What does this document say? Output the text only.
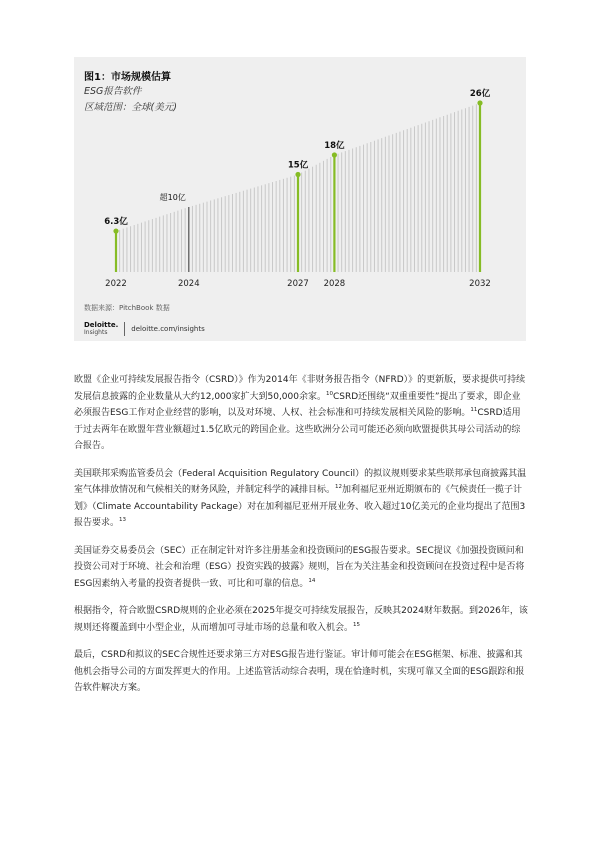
图1：市场规模估算
ESG报告软件
区域范围：全球(美元)
6.3亿
2022
超10亿
2024
15亿
2027
18亿
2028
26亿
2032
数据来源：PitchBook 数据
Deloitte.
Insights	deloitte.com/insights

欧盟《企业可持续发展报告指令（CSRD）》作为2014年《非财务报告指令（NFRD）》的更新版，要求提供可持续发展信息披露的企业数量从大约12,000家扩大到50,000余家。$^{10}$CSRD还围绕“双重重要性”提出了要求，即企业必须报告ESG工作对企业经营的影响，以及对环境、人权、社会标准和可持续发展相关风险的影响。$^{11}$CSRD适用于过去两年在欧盟年营业额超过1.5亿欧元的跨国企业。这些欧洲分公司可能还必须向欧盟提供其母公司活动的综合报告。

美国联邦采购监管委员会（Federal Acquisition Regulatory Council）的拟议规则要求某些联邦承包商披露其温室气体排放情况和气候相关的财务风险，并制定科学的减排目标。$^{12}$加利福尼亚州近期颁布的《气候责任一揽子计划》（Climate Accountability Package）对在加利福尼亚州开展业务、收入超过10亿美元的企业均提出了范围3报告要求。$^{13}$

美国证券交易委员会（SEC）正在制定针对许多注册基金和投资顾问的ESG报告要求。SEC提议《加强投资顾问和投资公司对于环境、社会和治理（ESG）投资实践的披露》规则，旨在为关注基金和投资顾问在投资过程中是否将ESG因素纳入考量的投资者提供一致、可比和可靠的信息。$^{14}$

根据指令，符合欧盟CSRD规则的企业必须在2025年提交可持续发展报告，反映其2024财年数据。到2026年，该规则还将覆盖到中小型企业，从而增加可寻址市场的总量和收入机会。$^{15}$

最后，CSRD和拟议的SEC合规性还要求第三方对ESG报告进行鉴证。审计师可能会在ESG框架、标准、披露和其他机会指导公司的方面发挥更大的作用。上述监管活动综合表明，现在恰逢时机，实现可靠又全面的ESG跟踪和报告软件解决方案。
